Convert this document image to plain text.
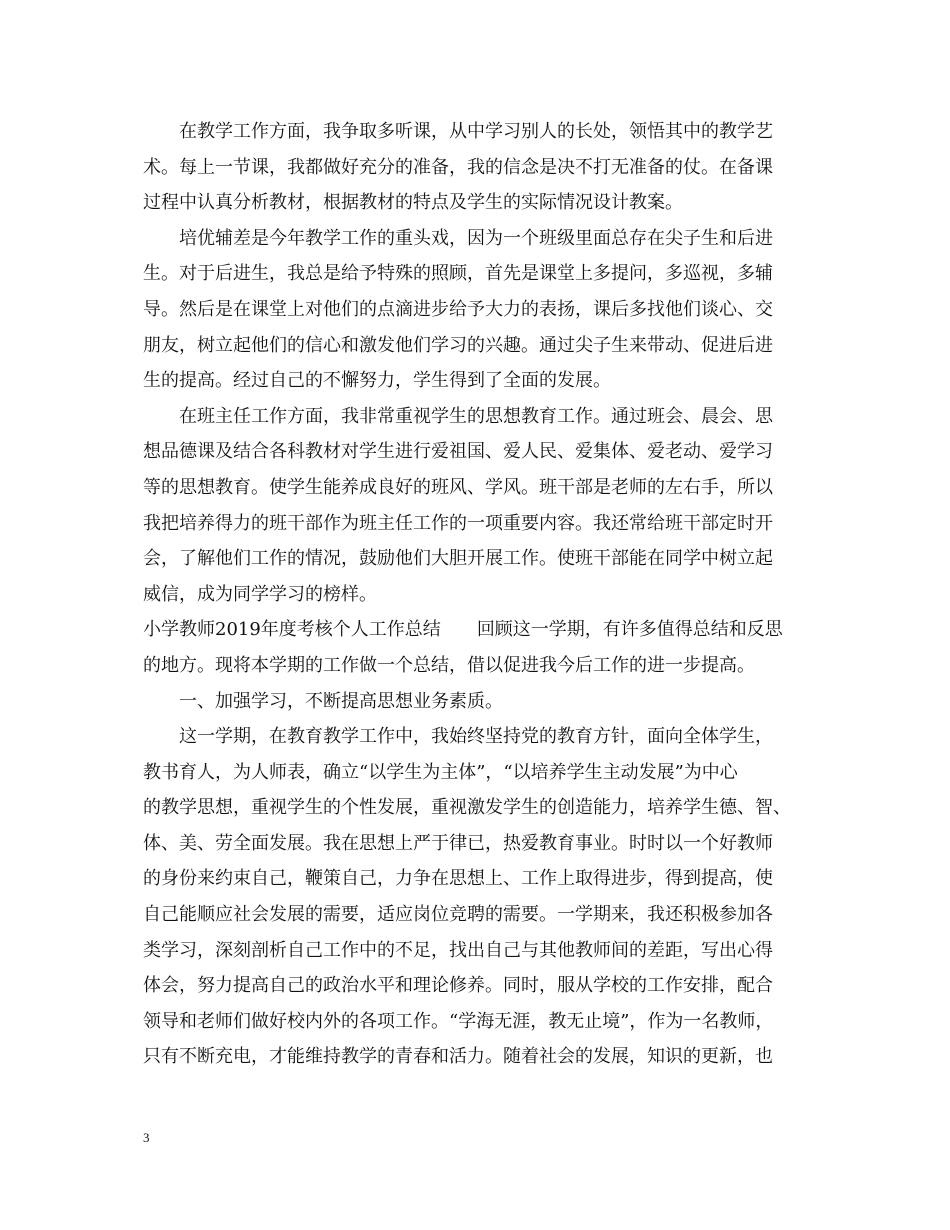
在教学工作方面，我争取多听课，从中学习别人的长处，领悟其中的教学艺
术。每上一节课，我都做好充分的准备，我的信念是决不打无准备的仗。在备课
过程中认真分析教材，根据教材的特点及学生的实际情况设计教案。
培优辅差是今年教学工作的重头戏，因为一个班级里面总存在尖子生和后进
生。对于后进生，我总是给予特殊的照顾，首先是课堂上多提问，多巡视，多辅
导。然后是在课堂上对他们的点滴进步给予大力的表扬，课后多找他们谈心、交
朋友，树立起他们的信心和激发他们学习的兴趣。通过尖子生来带动、促进后进
生的提高。经过自己的不懈努力，学生得到了全面的发展。
在班主任工作方面，我非常重视学生的思想教育工作。通过班会、晨会、思
想品德课及结合各科教材对学生进行爱祖国、爱人民、爱集体、爱老动、爱学习
等的思想教育。使学生能养成良好的班风、学风。班干部是老师的左右手，所以
我把培养得力的班干部作为班主任工作的一项重要内容。我还常给班干部定时开
会，了解他们工作的情况，鼓励他们大胆开展工作。使班干部能在同学中树立起
威信，成为同学学习的榜样。
小学教师2019年度考核个人工作总结 回顾这一学期，有许多值得总结和反思
的地方。现将本学期的工作做一个总结，借以促进我今后工作的进一步提高。
一、加强学习，不断提高思想业务素质。
这一学期，在教育教学工作中，我始终坚持党的教育方针，面向全体学生，
教书育人，为人师表，确立“以学生为主体”，“以培养学生主动发展”为中心
的教学思想，重视学生的个性发展，重视激发学生的创造能力，培养学生德、智、
体、美、劳全面发展。我在思想上严于律已，热爱教育事业。时时以一个好教师
的身份来约束自己，鞭策自己，力争在思想上、工作上取得进步，得到提高，使
自己能顺应社会发展的需要，适应岗位竞聘的需要。一学期来，我还积极参加各
类学习，深刻剖析自己工作中的不足，找出自己与其他教师间的差距，写出心得
体会，努力提高自己的政治水平和理论修养。同时，服从学校的工作安排，配合
领导和老师们做好校内外的各项工作。“学海无涯，教无止境”，作为一名教师，
只有不断充电，才能维持教学的青春和活力。随着社会的发展，知识的更新，也
3
